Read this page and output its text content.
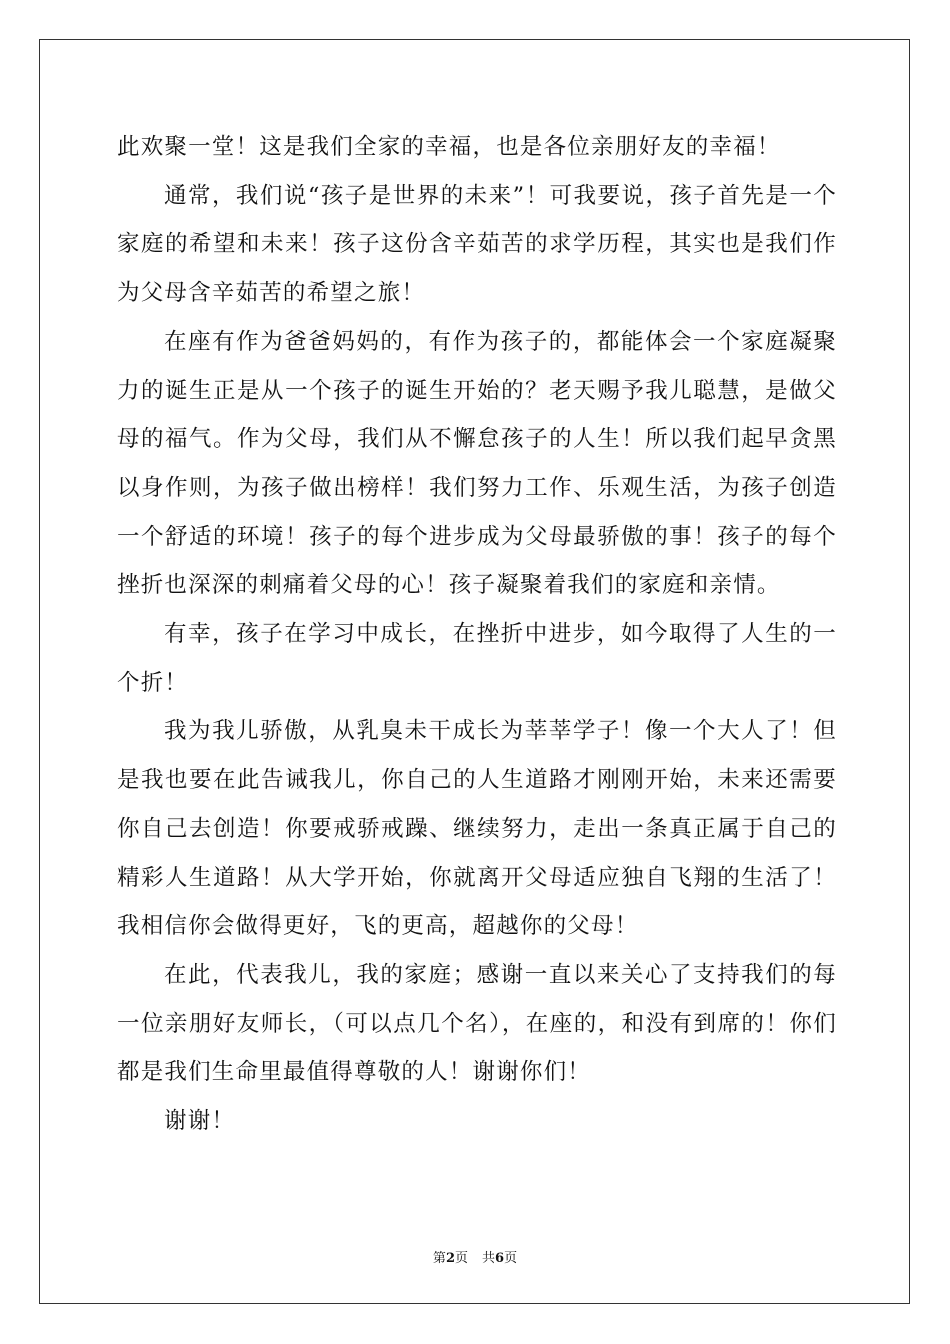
此欢聚一堂！这是我们全家的幸福，也是各位亲朋好友的幸福！

通常，我们说“孩子是世界的未来”！可我要说，孩子首先是一个家庭的希望和未来！孩子这份含辛茹苦的求学历程，其实也是我们作为父母含辛茹苦的希望之旅！

在座有作为爸爸妈妈的，有作为孩子的，都能体会一个家庭凝聚力的诞生正是从一个孩子的诞生开始的？老天赐予我儿聪慧，是做父母的福气。作为父母，我们从不懈怠孩子的人生！所以我们起早贪黑以身作则，为孩子做出榜样！我们努力工作、乐观生活，为孩子创造一个舒适的环境！孩子的每个进步成为父母最骄傲的事！孩子的每个挫折也深深的刺痛着父母的心！孩子凝聚着我们的家庭和亲情。

有幸，孩子在学习中成长，在挫折中进步，如今取得了人生的一个折！

我为我儿骄傲，从乳臭未干成长为莘莘学子！像一个大人了！但是我也要在此告诫我儿，你自己的人生道路才刚刚开始，未来还需要你自己去创造！你要戒骄戒躁、继续努力，走出一条真正属于自己的精彩人生道路！从大学开始，你就离开父母适应独自飞翔的生活了！我相信你会做得更好，飞的更高，超越你的父母！

在此，代表我儿，我的家庭；感谢一直以来关心了支持我们的每一位亲朋好友师长，（可以点几个名），在座的，和没有到席的！你们都是我们生命里最值得尊敬的人！谢谢你们！

谢谢！

第2页 共6页
